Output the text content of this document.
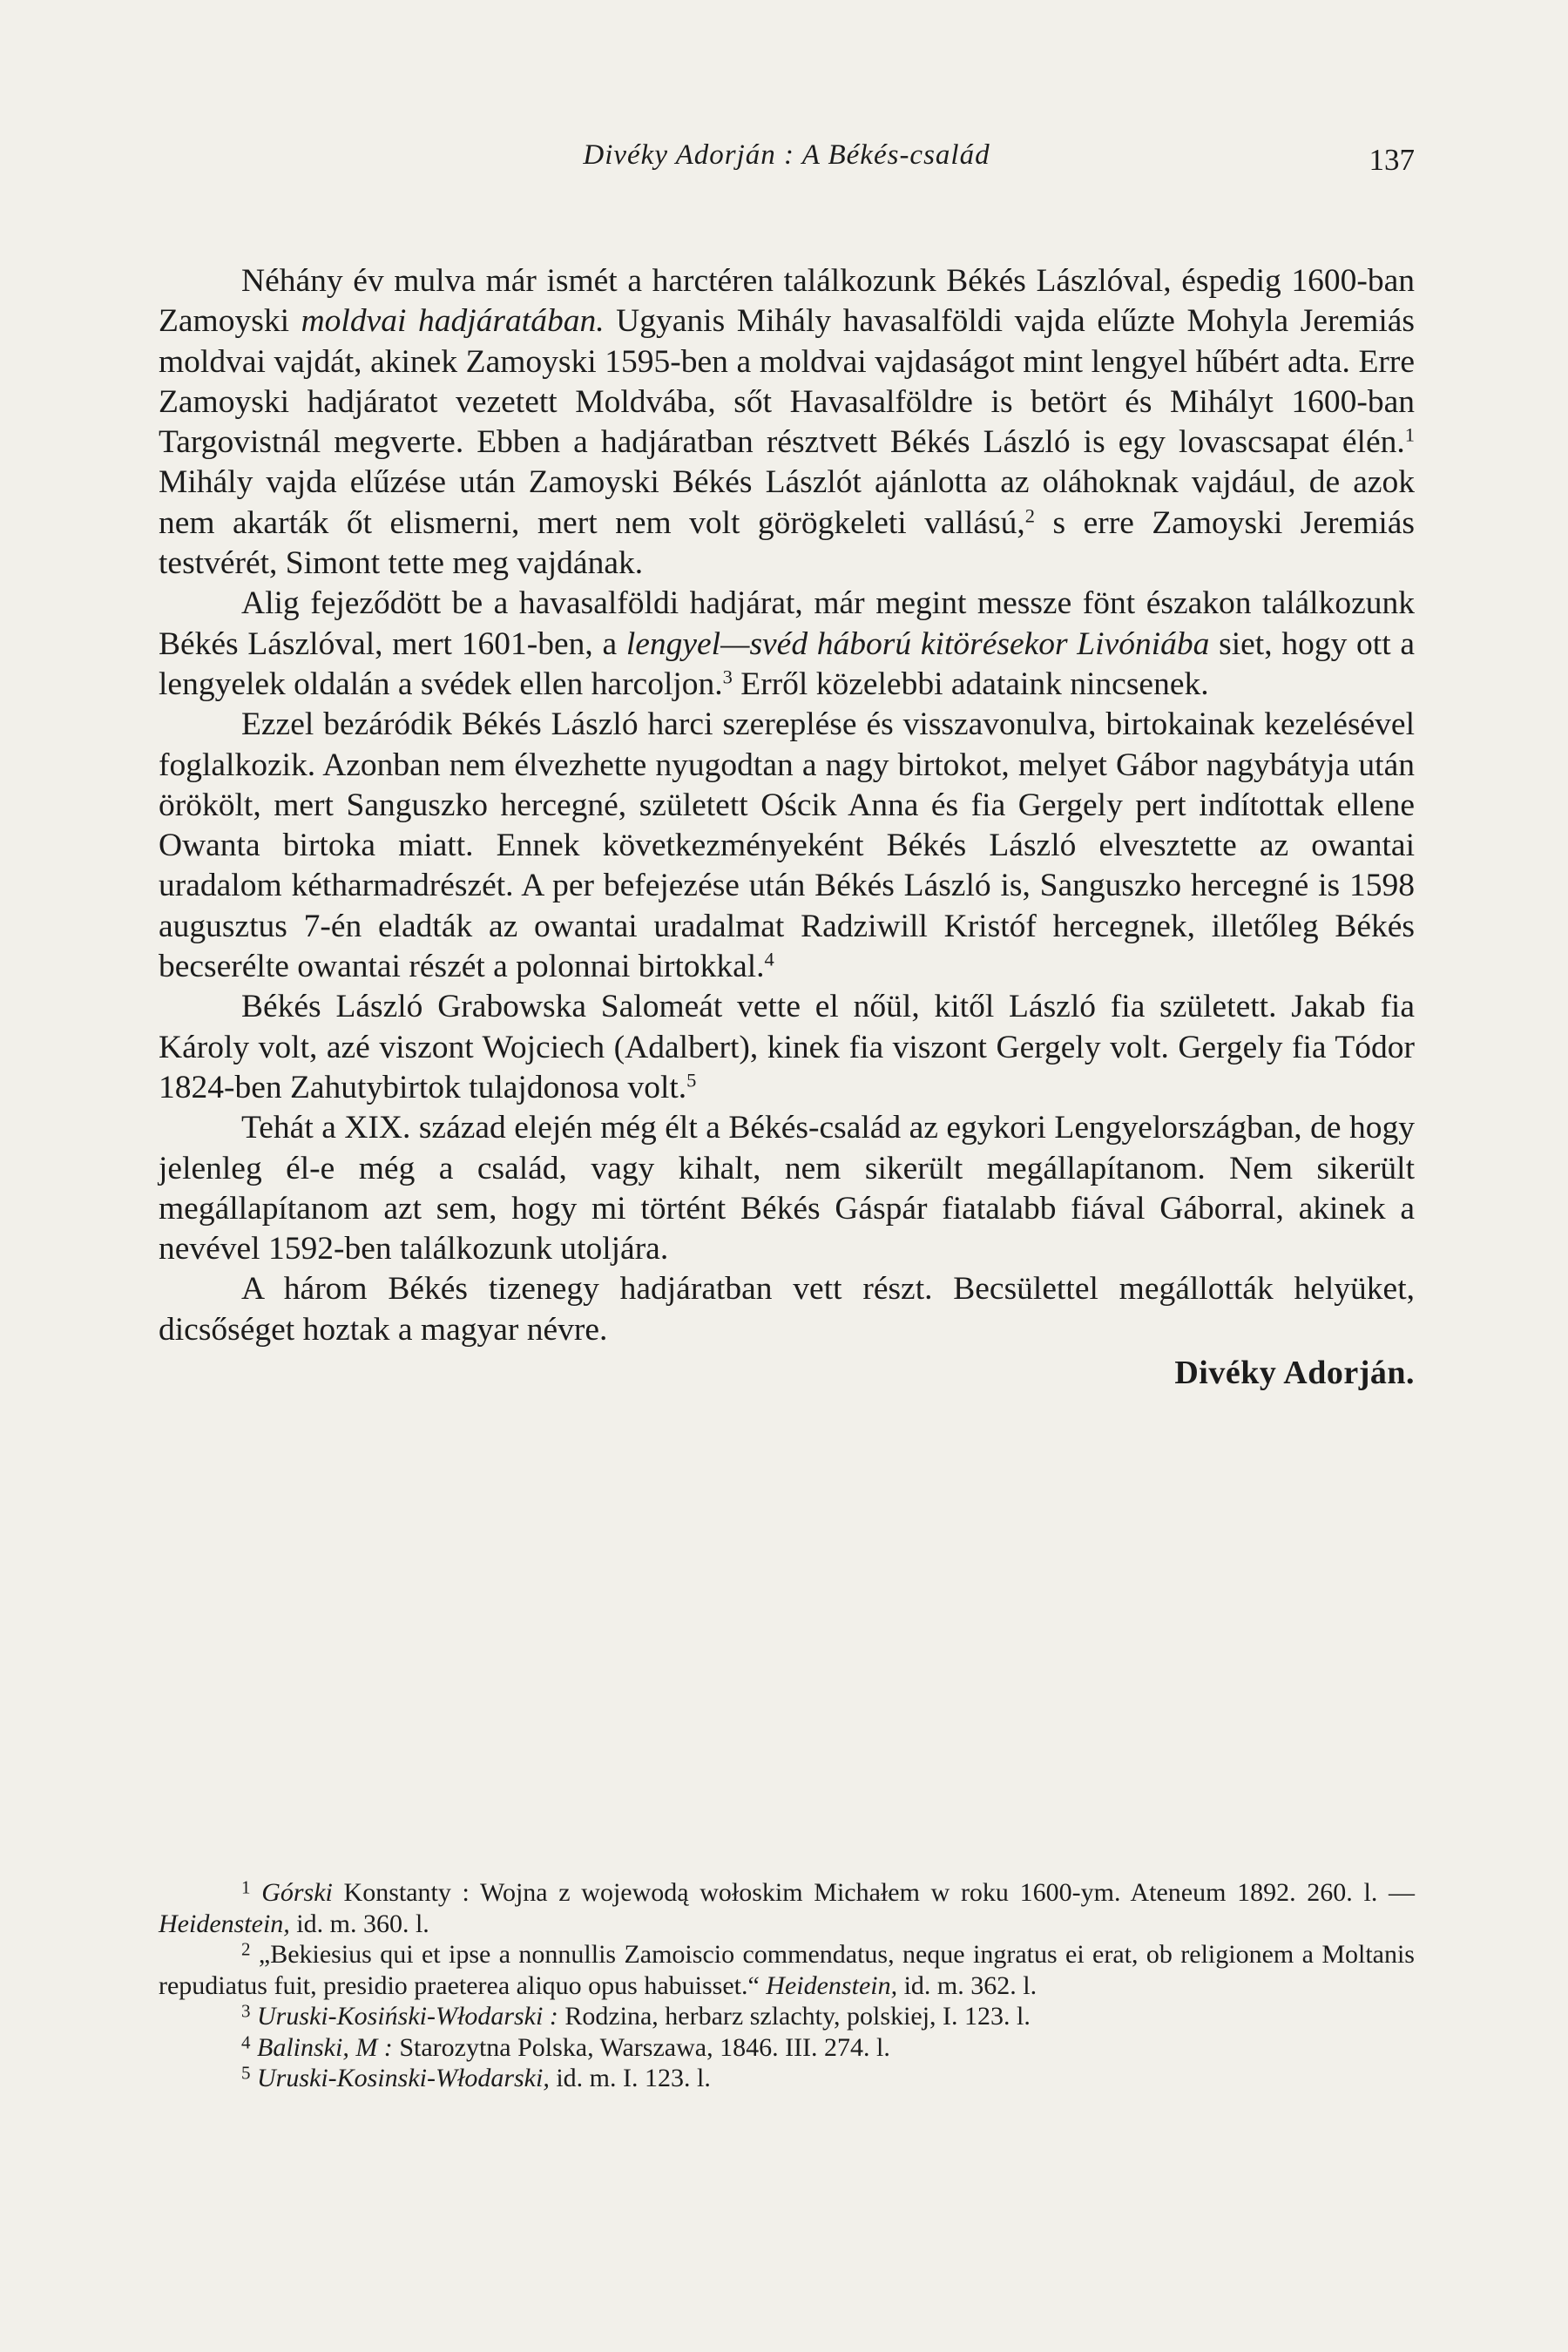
Divéky Adorján : A Békés-család	137

Néhány év mulva már ismét a harctéren találkozunk Békés Lászlóval, éspedig 1600-ban Zamoyski moldvai hadjáratában. Ugyanis Mihály havasalföldi vajda elűzte Mohyla Jeremiás moldvai vajdát, akinek Zamoyski 1595-ben a moldvai vajdaságot mint lengyel hűbért adta. Erre Zamoyski hadjáratot vezetett Moldvába, sőt Havasalföldre is betört és Mihályt 1600-ban Targovistnál megverte. Ebben a hadjáratban résztvett Békés László is egy lovascsapat élén.$^1$ Mihály vajda elűzése után Zamoyski Békés Lászlót ajánlotta az oláhoknak vajdául, de azok nem akarták őt elismerni, mert nem volt görögkeleti vallású,$^2$ s erre Zamoyski Jeremiás testvérét, Simont tette meg vajdának.

Alig fejeződött be a havasalföldi hadjárat, már megint messze fönt északon találkozunk Békés Lászlóval, mert 1601-ben, a lengyel—svéd háború kitörésekor Livóniába siet, hogy ott a lengyelek oldalán a svédek ellen harcoljon.$^3$ Erről közelebbi adataink nincsenek.

Ezzel bezáródik Békés László harci szereplése és visszavonulva, birtokainak kezelésével foglalkozik. Azonban nem élvezhette nyugodtan a nagy birtokot, melyet Gábor nagybátyja után örökölt, mert Sanguszko hercegné, született Ościk Anna és fia Gergely pert indítottak ellene Owanta birtoka miatt. Ennek következményeként Békés László elvesztette az owantai uradalom kétharmadrészét. A per befejezése után Békés László is, Sanguszko hercegné is 1598 augusztus 7-én eladták az owantai uradalmat Radziwill Kristóf hercegnek, illetőleg Békés becserélte owantai részét a polonnai birtokkal.$^4$

Békés László Grabowska Salomeát vette el nőül, kitől László fia született. Jakab fia Károly volt, azé viszont Wojciech (Adalbert), kinek fia viszont Gergely volt. Gergely fia Tódor 1824-ben Zahutybirtok tulajdonosa volt.$^5$

Tehát a XIX. század elején még élt a Békés-család az egykori Lengyelországban, de hogy jelenleg él-e még a család, vagy kihalt, nem sikerült megállapítanom. Nem sikerült megállapítanom azt sem, hogy mi történt Békés Gáspár fiatalabb fiával Gáborral, akinek a nevével 1592-ben találkozunk utoljára.

A három Békés tizenegy hadjáratban vett részt. Becsülettel megállották helyüket, dicsőséget hoztak a magyar névre.

Divéky Adorján.

$^1$ Górski Konstanty : Wojna z wojewodą wołoskim Michałem w roku 1600-ym. Ateneum 1892. 260. l. — Heidenstein, id. m. 360. l.

$^2$ „Bekiesius qui et ipse a nonnullis Zamoiscio commendatus, neque ingratus ei erat, ob religionem a Moltanis repudiatus fuit, presidio praeterea aliquo opus habuisset.“ Heidenstein, id. m. 362. l.

$^3$ Uruski-Kosiński-Włodarski : Rodzina, herbarz szlachty, polskiej, I. 123. l.

$^4$ Balinski, M : Starozytna Polska, Warszawa, 1846. III. 274. l.

$^5$ Uruski-Kosinski-Włodarski, id. m. I. 123. l.
